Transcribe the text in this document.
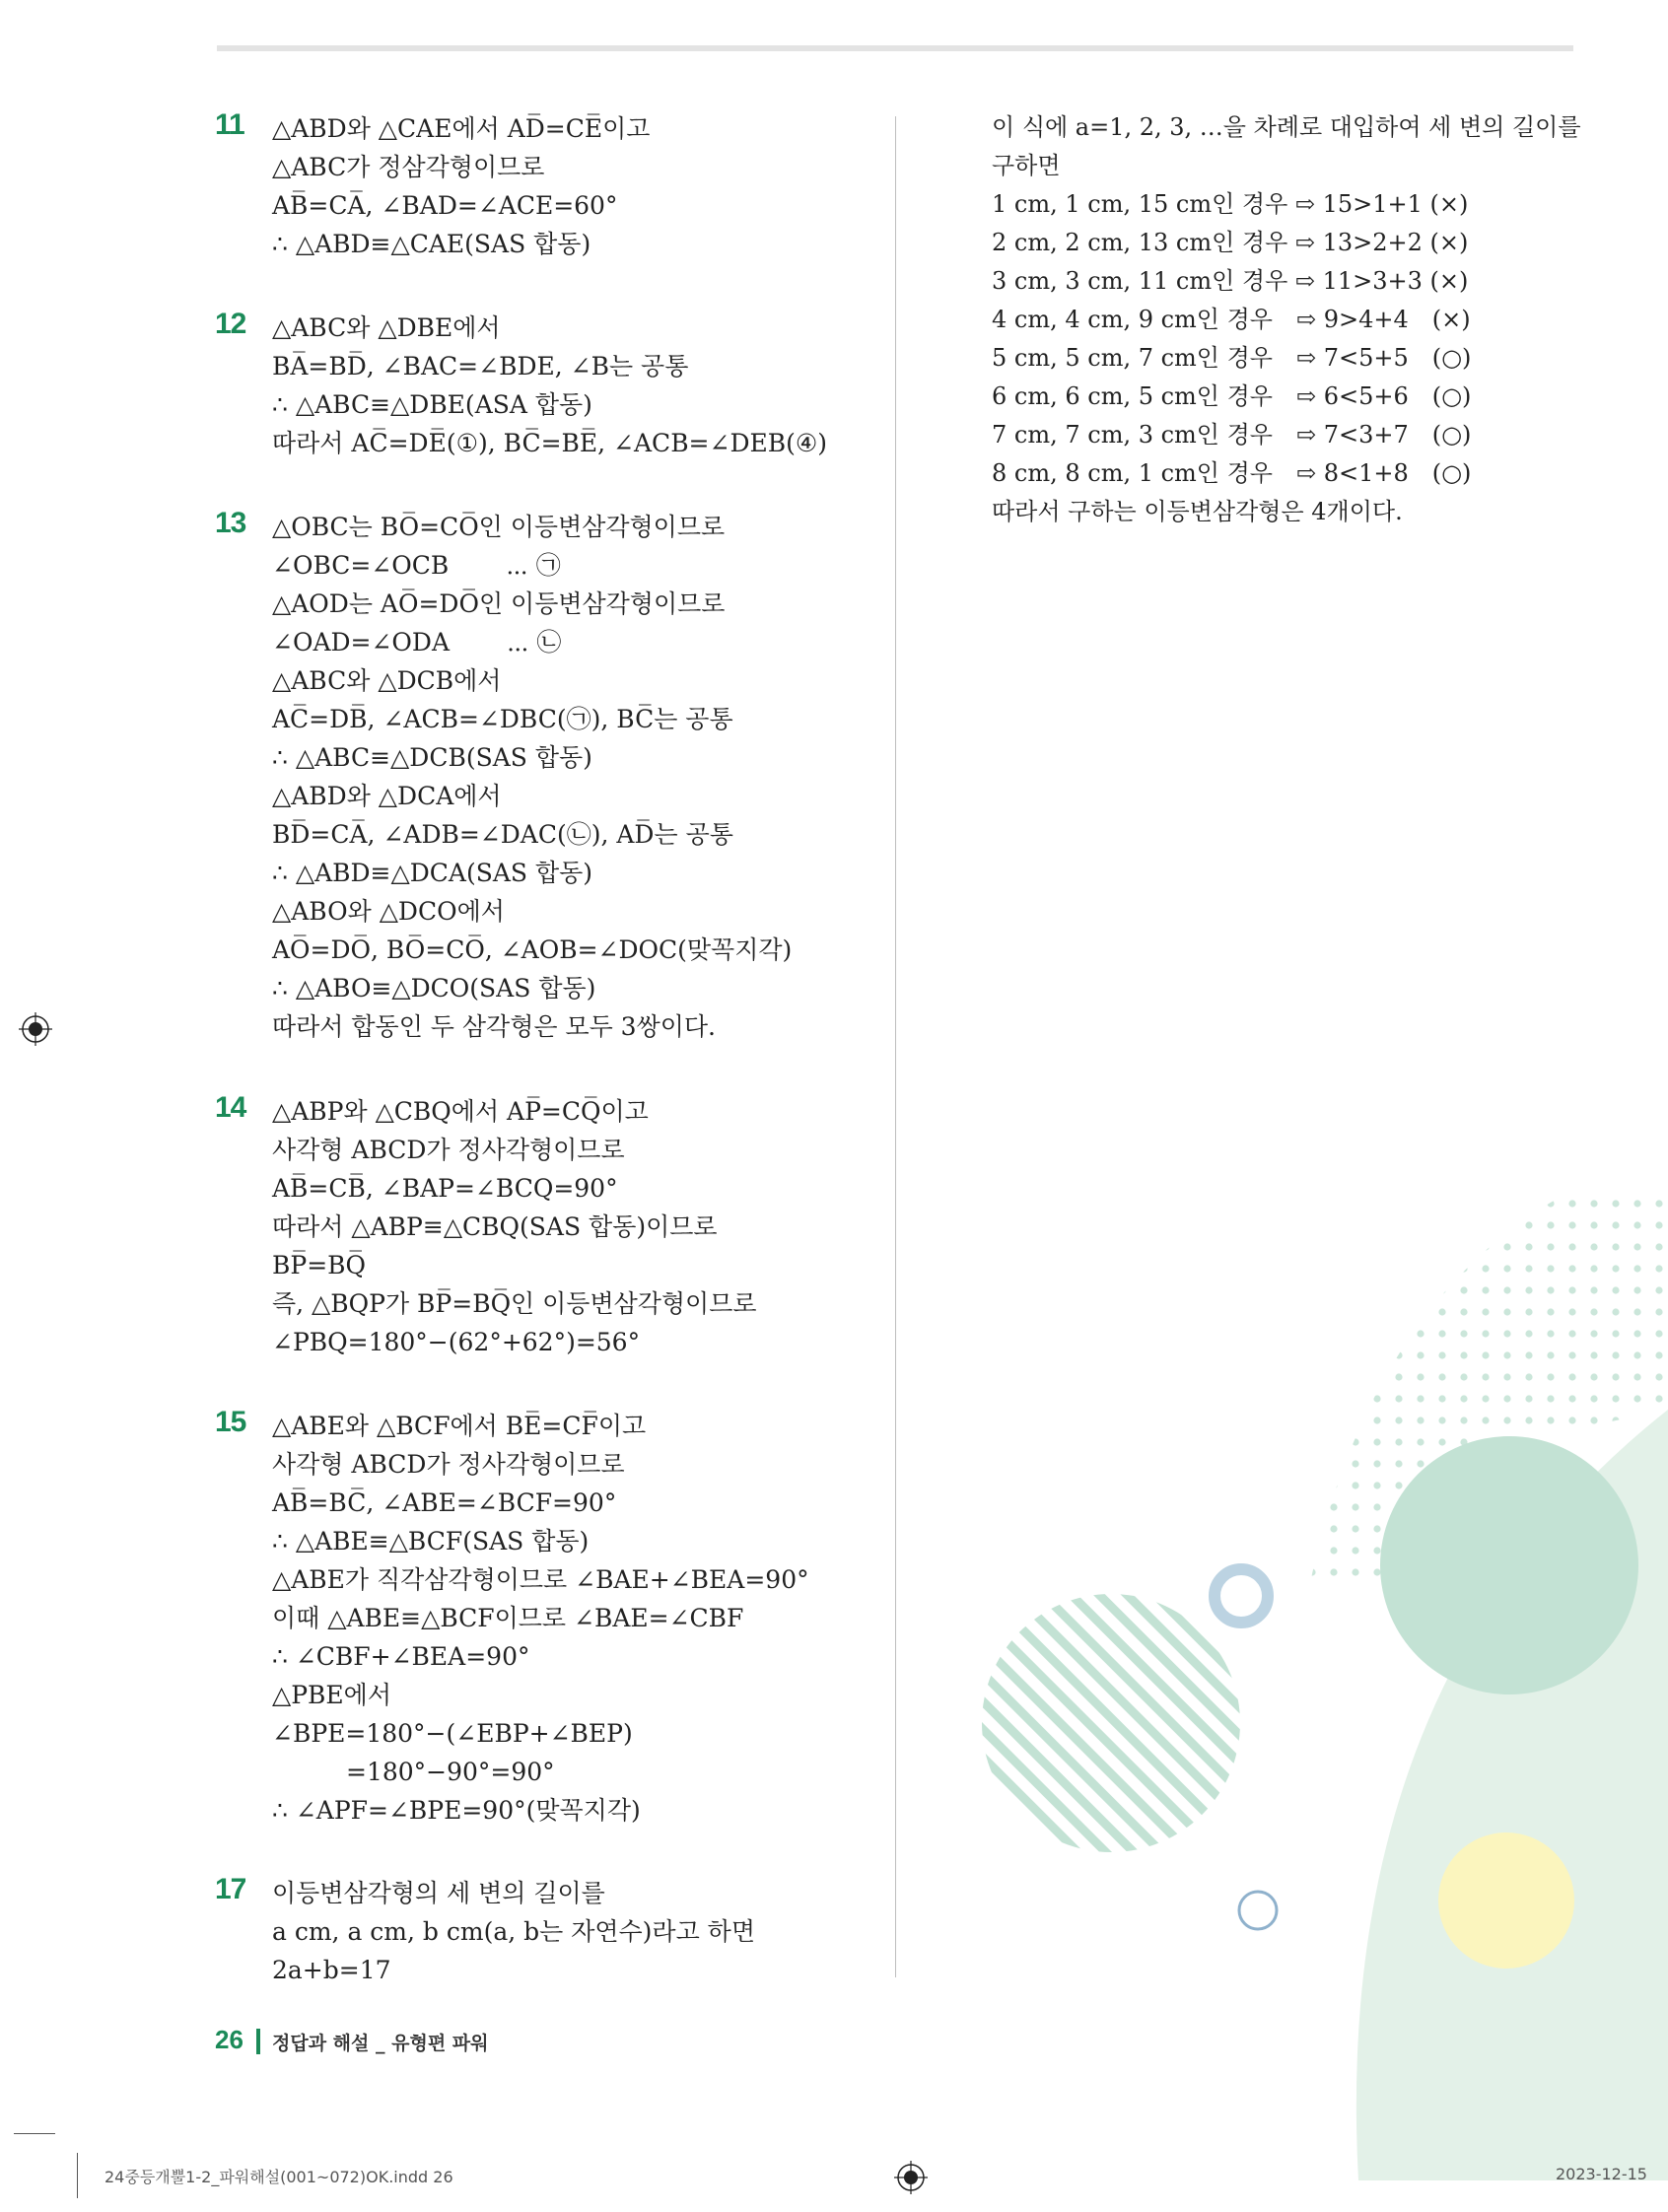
11	△ABD와 △CAE에서 AD̅=CE̅이고
△ABC가 정삼각형이므로
AB̅=CA̅, ∠BAD=∠ACE=60°
∴ △ABD≡△CAE(SAS 합동)
12	△ABC와 △DBE에서
BA̅=BD̅, ∠BAC=∠BDE, ∠B는 공통
∴ △ABC≡△DBE(ASA 합동)
따라서 AC̅=DE̅(①), BC̅=BE̅, ∠ACB=∠DEB(④)
13	△OBC는 BO̅=CO̅인 이등변삼각형이므로
∠OBC=∠OCB　　 ⋯ ㉠
△AOD는 AO̅=DO̅인 이등변삼각형이므로
∠OAD=∠ODA　　 ⋯ ㉡
△ABC와 △DCB에서
AC̅=DB̅, ∠ACB=∠DBC(㉠), BC̅는 공통
∴ △ABC≡△DCB(SAS 합동)
△ABD와 △DCA에서
BD̅=CA̅, ∠ADB=∠DAC(㉡), AD̅는 공통
∴ △ABD≡△DCA(SAS 합동)
△ABO와 △DCO에서
AO̅=DO̅, BO̅=CO̅, ∠AOB=∠DOC(맞꼭지각)
∴ △ABO≡△DCO(SAS 합동)
따라서 합동인 두 삼각형은 모두 3쌍이다.
14	△ABP와 △CBQ에서 AP̅=CQ̅이고
사각형 ABCD가 정사각형이므로
AB̅=CB̅, ∠BAP=∠BCQ=90°
따라서 △ABP≡△CBQ(SAS 합동)이므로
BP̅=BQ̅
즉, △BQP가 BP̅=BQ̅인 이등변삼각형이므로
∠PBQ=180°−(62°+62°)=56°
15	△ABE와 △BCF에서 BE̅=CF̅이고
사각형 ABCD가 정사각형이므로
AB̅=BC̅, ∠ABE=∠BCF=90°
∴ △ABE≡△BCF(SAS 합동)
△ABE가 직각삼각형이므로 ∠BAE+∠BEA=90°
이때 △ABE≡△BCF이므로 ∠BAE=∠CBF
∴ ∠CBF+∠BEA=90°
△PBE에서
∠BPE=180°−(∠EBP+∠BEP)
　　　=180°−90°=90°
∴ ∠APF=∠BPE=90°(맞꼭지각)
17	이등변삼각형의 세 변의 길이를
a cm, a cm, b cm(a, b는 자연수)라고 하면
2a+b=17
이 식에 a=1, 2, 3, …을 차례로 대입하여 세 변의 길이를
구하면
1 cm, 1 cm, 15 cm인 경우 ⇨ 15>1+1 (×)
2 cm, 2 cm, 13 cm인 경우 ⇨ 13>2+2 (×)
3 cm, 3 cm, 11 cm인 경우 ⇨ 11>3+3 (×)
4 cm, 4 cm, 9 cm인 경우　⇨ 9>4+4　(×)
5 cm, 5 cm, 7 cm인 경우　⇨ 7<5+5　(○)
6 cm, 6 cm, 5 cm인 경우　⇨ 6<5+6　(○)
7 cm, 7 cm, 3 cm인 경우　⇨ 7<3+7　(○)
8 cm, 8 cm, 1 cm인 경우　⇨ 8<1+8　(○)
따라서 구하는 이등변삼각형은 4개이다.
26 정답과 해설 _ 유형편 파워
24중등개뿔1-2_파워해설(001~072)OK.indd 26	2023-12-15
